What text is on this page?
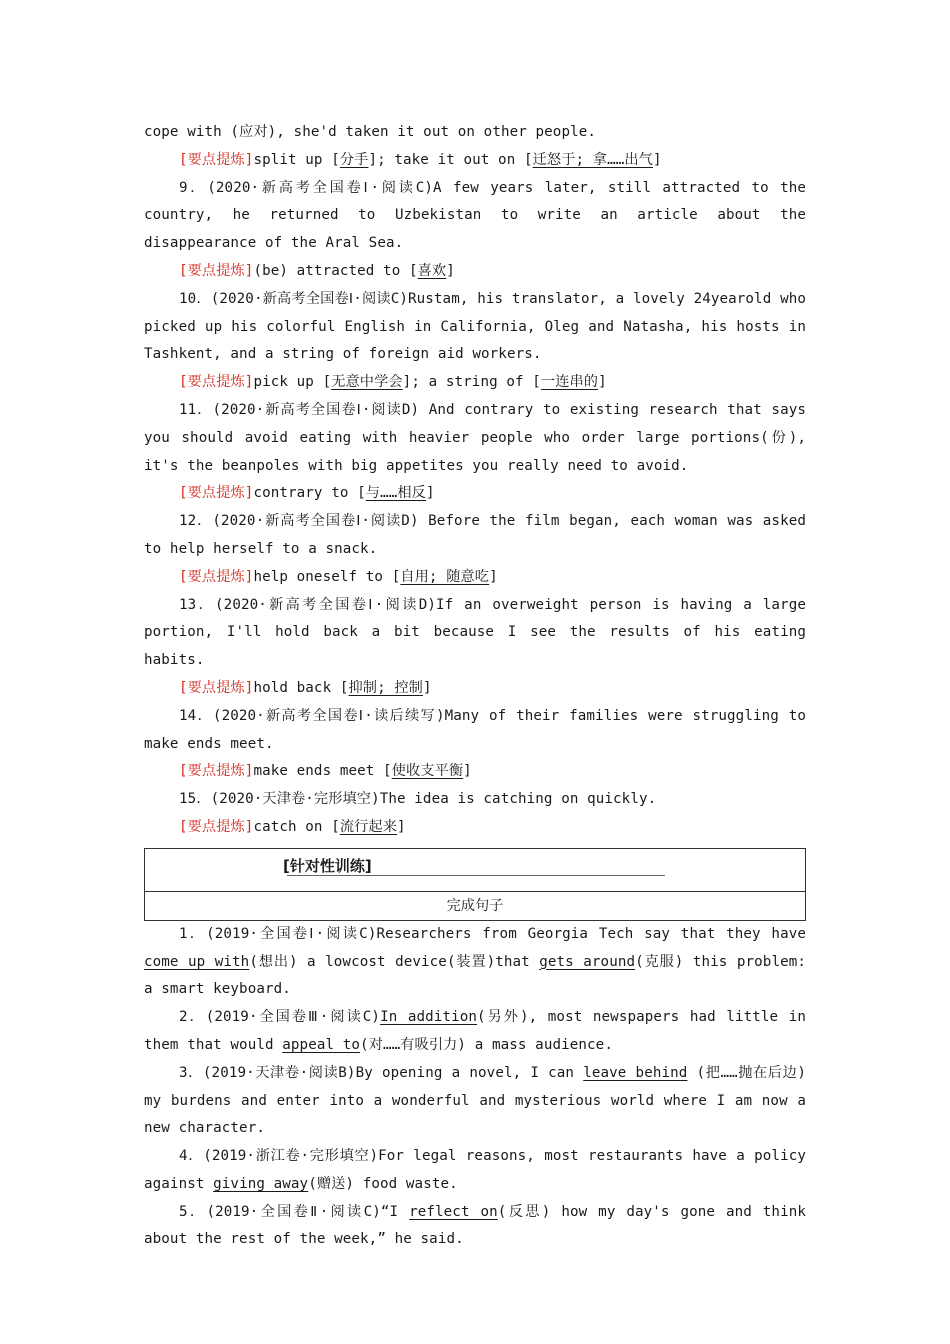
cope with (应对), she'd taken it out on other people.

[要点提炼]split up [分手]; take it out on [迁怒于; 拿……出气]

9．(2020·新高考全国卷Ⅰ·阅读C)A few years later, still attracted to the country, he returned to Uzbekistan to write an article about the disappearance of the Aral Sea.

[要点提炼](be) attracted to [喜欢]

10．(2020·新高考全国卷Ⅰ·阅读C)Rustam, his translator, a lovely 24yearold who picked up his colorful English in California, Oleg and Natasha, his hosts in Tashkent, and a string of foreign aid workers.

[要点提炼]pick up [无意中学会]; a string of [一连串的]

11．(2020·新高考全国卷Ⅰ·阅读D) And contrary to existing research that says you should avoid eating with heavier people who order large portions(份), it's the beanpoles with big appetites you really need to avoid.

[要点提炼]contrary to [与……相反]

12．(2020·新高考全国卷Ⅰ·阅读D) Before the film began, each woman was asked to help herself to a snack.

[要点提炼]help oneself to [自用; 随意吃]

13．(2020·新高考全国卷Ⅰ·阅读D)If an overweight person is having a large portion, I'll hold back a bit because I see the results of his eating habits.

[要点提炼]hold back [抑制; 控制]

14．(2020·新高考全国卷Ⅰ·读后续写)Many of their families were struggling to make ends meet.

[要点提炼]make ends meet [使收支平衡]

15．(2020·天津卷·完形填空)The idea is catching on quickly.

[要点提炼]catch on [流行起来]

[针对性训练]
完成句子

1．(2019·全国卷Ⅰ·阅读C)Researchers from Georgia Tech say that they have come up with(想出) a lowcost device(装置)that gets around(克服) this problem: a smart keyboard.

2．(2019·全国卷Ⅲ·阅读C)In addition(另外), most newspapers had little in them that would appeal to(对……有吸引力) a mass audience.

3．(2019·天津卷·阅读B)By opening a novel, I can leave behind (把……抛在后边) my burdens and enter into a wonderful and mysterious world where I am now a new character.

4．(2019·浙江卷·完形填空)For legal reasons, most restaurants have a policy against giving away(赠送) food waste.

5．(2019·全国卷Ⅱ·阅读C)“I reflect on(反思) how my day's gone and think about the rest of the week,” he said.
